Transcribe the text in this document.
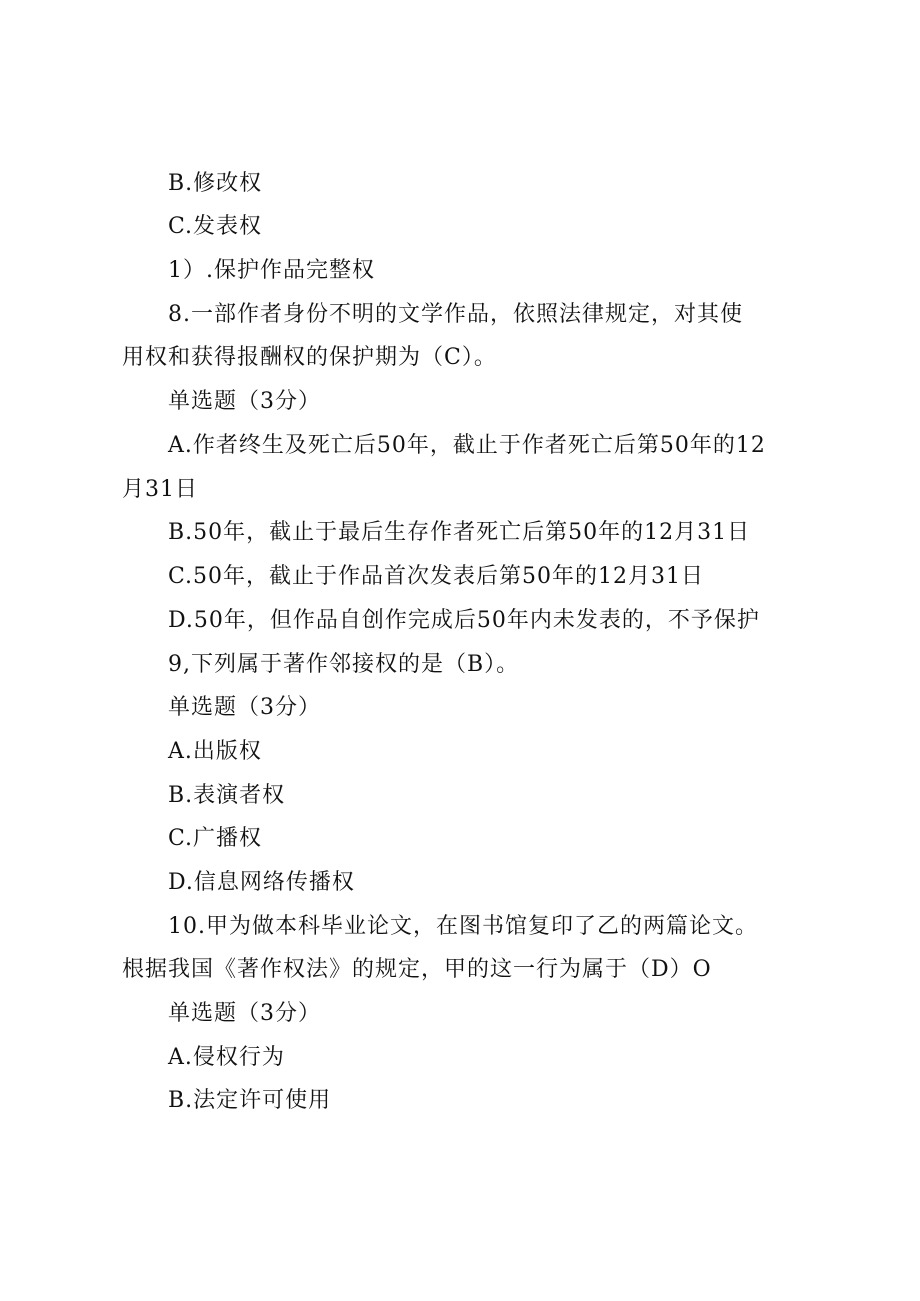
B.修改权
C.发表权
1）.保护作品完整权
8.一部作者身份不明的文学作品，依照法律规定，对其使
用权和获得报酬权的保护期为（C）。
单选题（3分）
A.作者终生及死亡后50年，截止于作者死亡后第50年的12
月31日
B.50年，截止于最后生存作者死亡后第50年的12月31日
C.50年，截止于作品首次发表后第50年的12月31日
D.50年，但作品自创作完成后50年内未发表的，不予保护
9,下列属于著作邻接权的是（B）。
单选题（3分）
A.出版权
B.表演者权
C.广播权
D.信息网络传播权
10.甲为做本科毕业论文，在图书馆复印了乙的两篇论文。
根据我国《著作权法》的规定，甲的这一行为属于（D）O
单选题（3分）
A.侵权行为
B.法定许可使用
